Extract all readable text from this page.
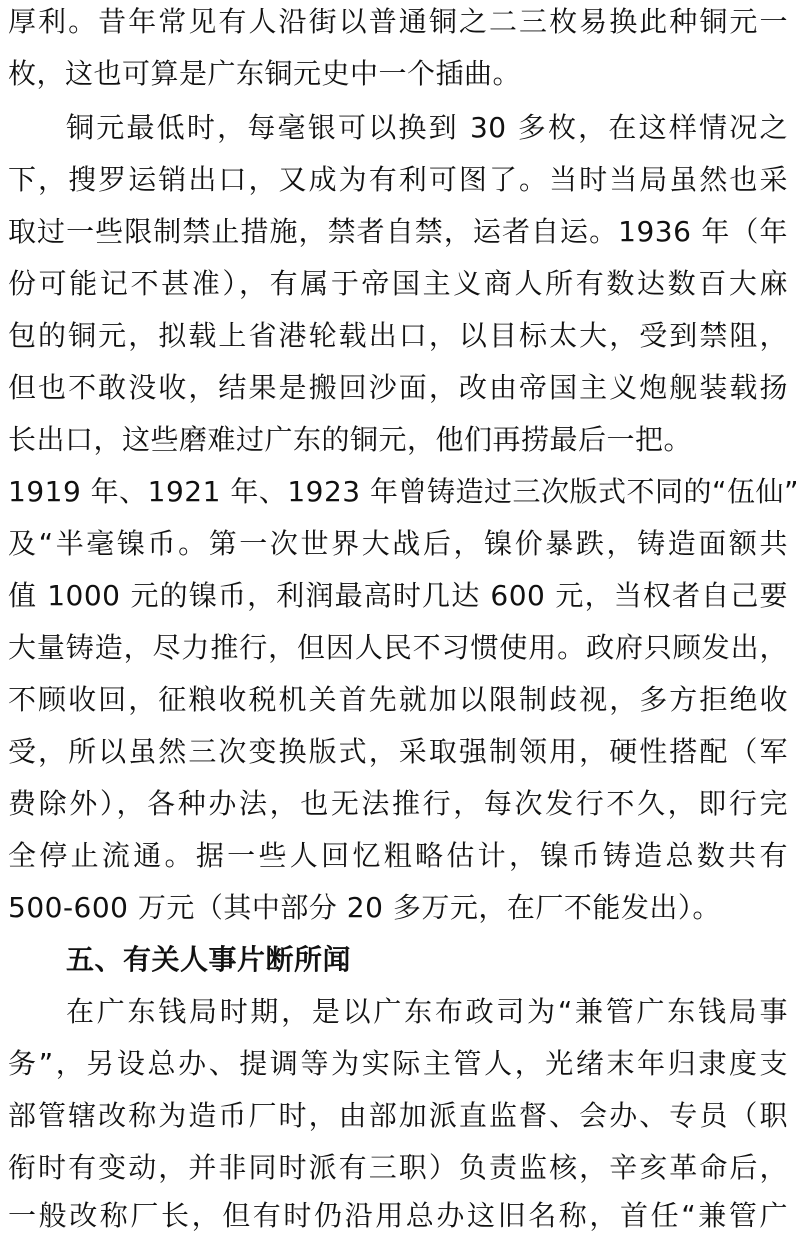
厚利。昔年常见有人沿街以普通铜之二三枚易换此种铜元一
枚，这也可算是广东铜元史中一个插曲。
铜元最低时，每毫银可以换到 30 多枚，在这样情况之
下，搜罗运销出口，又成为有利可图了。当时当局虽然也采
取过一些限制禁止措施，禁者自禁，运者自运。1936 年（年
份可能记不甚准），有属于帝国主义商人所有数达数百大麻
包的铜元，拟载上省港轮载出口，以目标太大，受到禁阻，
但也不敢没收，结果是搬回沙面，改由帝国主义炮舰装载扬
长出口，这些磨难过广东的铜元，他们再捞最后一把。
1919 年、1921 年、1923 年曾铸造过三次版式不同的“伍仙”
及“半毫镍币。第一次世界大战后，镍价暴跌，铸造面额共
值 1000 元的镍币，利润最高时几达 600 元，当权者自己要
大量铸造，尽力推行，但因人民不习惯使用。政府只顾发出，
不顾收回，征粮收税机关首先就加以限制歧视，多方拒绝收
受，所以虽然三次变换版式，采取强制领用，硬性搭配（军
费除外），各种办法，也无法推行，每次发行不久，即行完
全停止流通。据一些人回忆粗略估计，镍币铸造总数共有
500-600 万元（其中部分 20 多万元，在厂不能发出）。
五、有关人事片断所闻
在广东钱局时期，是以广东布政司为“兼管广东钱局事
务”，另设总办、提调等为实际主管人，光绪末年归隶度支
部管辖改称为造币厂时，由部加派直监督、会办、专员（职
衔时有变动，并非同时派有三职）负责监核，辛亥革命后，
一般改称厂长，但有时仍沿用总办这旧名称，首任“兼管广
